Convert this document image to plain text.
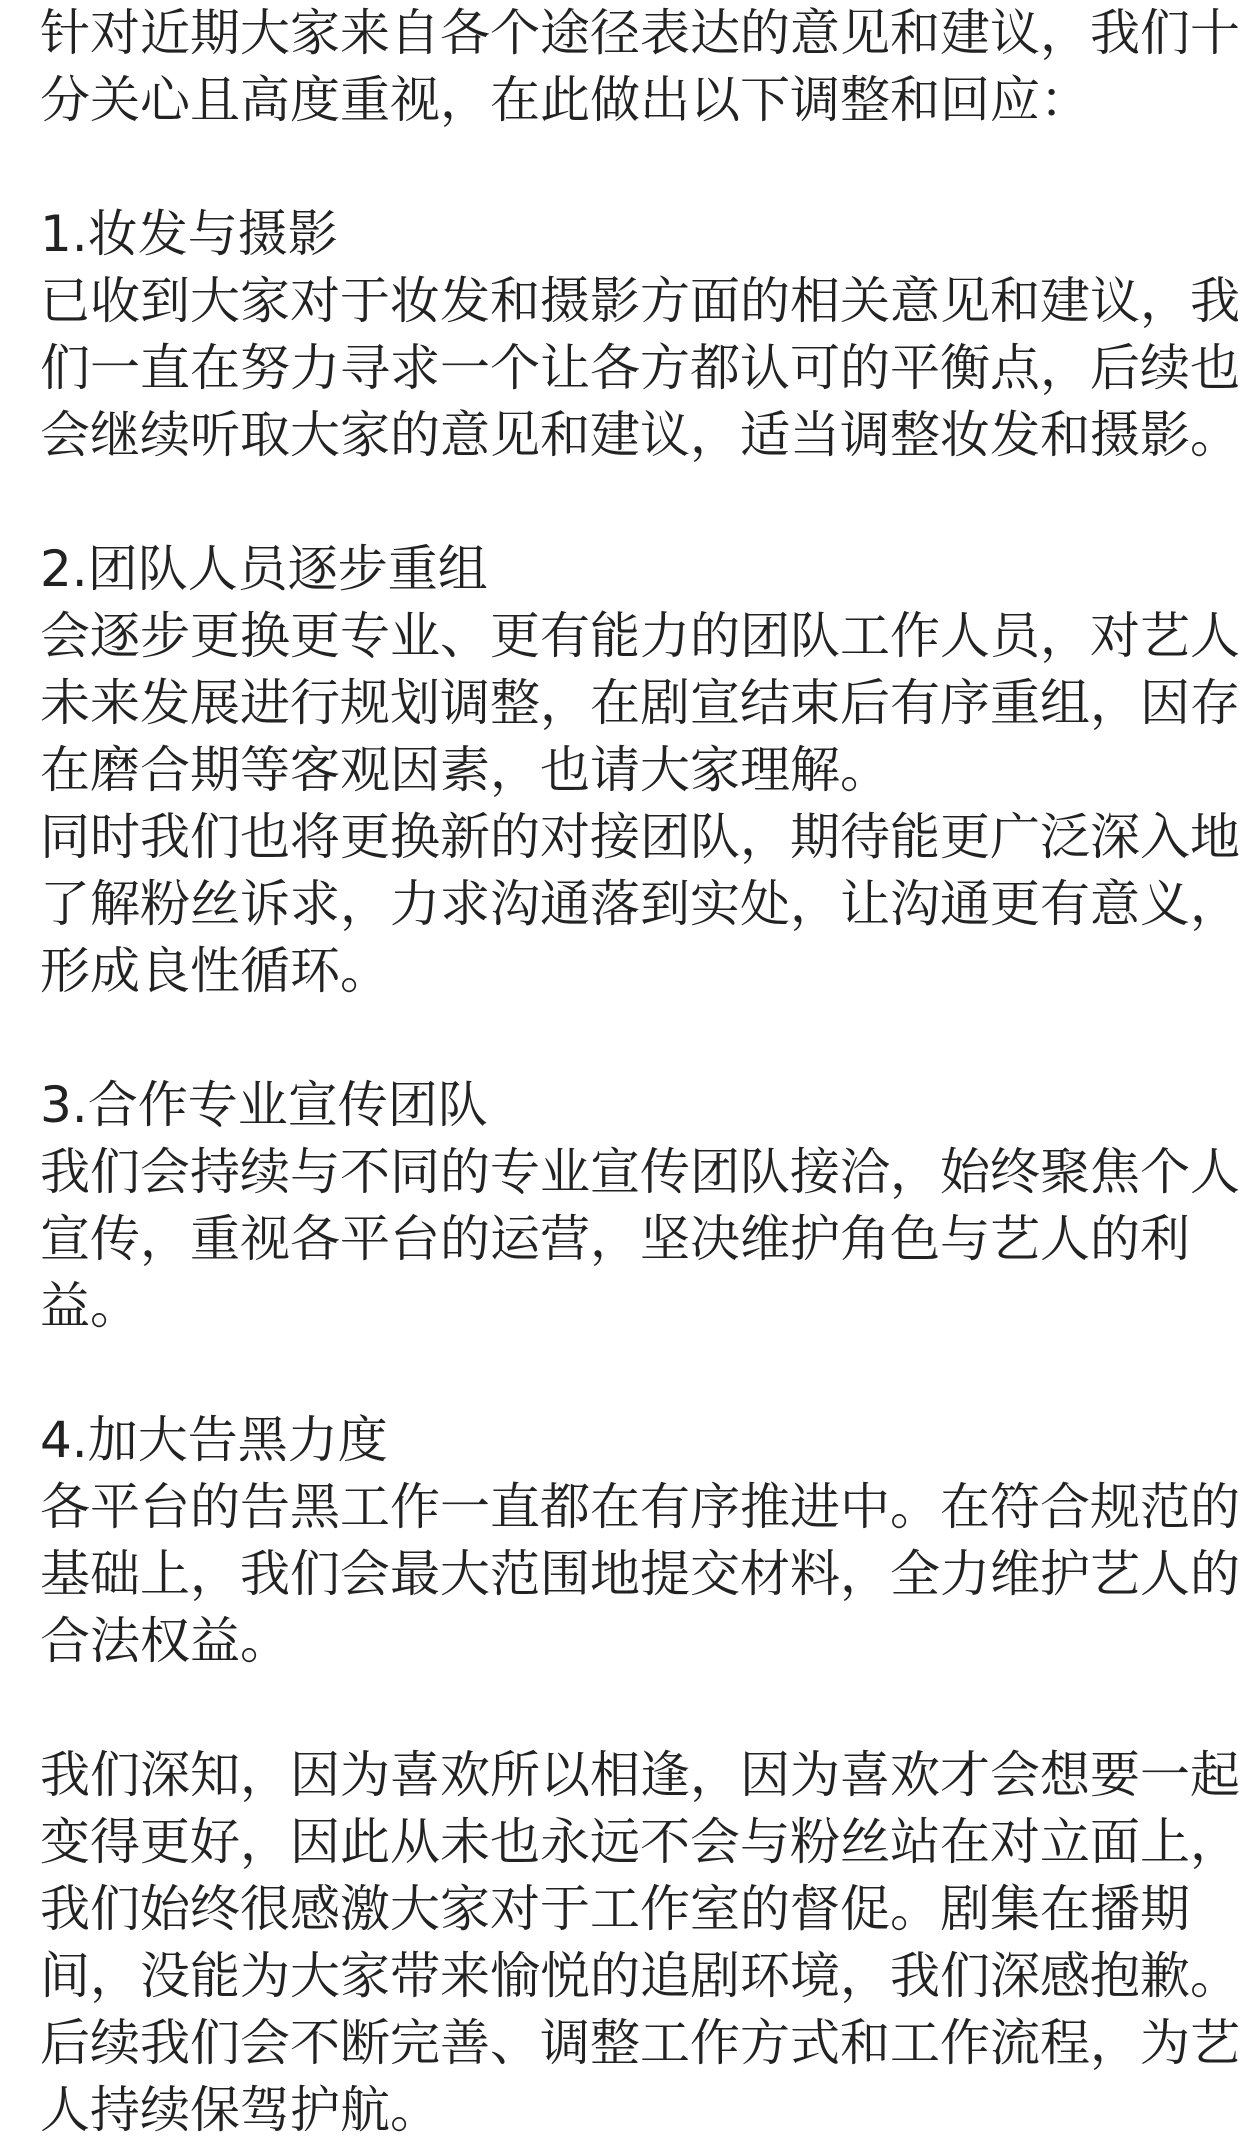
针对近期大家来自各个途径表达的意见和建议，我们十
分关心且高度重视，在此做出以下调整和回应：
1.妆发与摄影
已收到大家对于妆发和摄影方面的相关意见和建议，我
们一直在努力寻求一个让各方都认可的平衡点，后续也
会继续听取大家的意见和建议，适当调整妆发和摄影。
2.团队人员逐步重组
会逐步更换更专业、更有能力的团队工作人员，对艺人
未来发展进行规划调整，在剧宣结束后有序重组，因存
在磨合期等客观因素，也请大家理解。
同时我们也将更换新的对接团队，期待能更广泛深入地
了解粉丝诉求，力求沟通落到实处，让沟通更有意义，
形成良性循环。
3.合作专业宣传团队
我们会持续与不同的专业宣传团队接洽，始终聚焦个人
宣传，重视各平台的运营，坚决维护角色与艺人的利
益。
4.加大告黑力度
各平台的告黑工作一直都在有序推进中。在符合规范的
基础上，我们会最大范围地提交材料，全力维护艺人的
合法权益。
我们深知，因为喜欢所以相逢，因为喜欢才会想要一起
变得更好，因此从未也永远不会与粉丝站在对立面上，
我们始终很感激大家对于工作室的督促。剧集在播期
间，没能为大家带来愉悦的追剧环境，我们深感抱歉。
后续我们会不断完善、调整工作方式和工作流程，为艺
人持续保驾护航。
